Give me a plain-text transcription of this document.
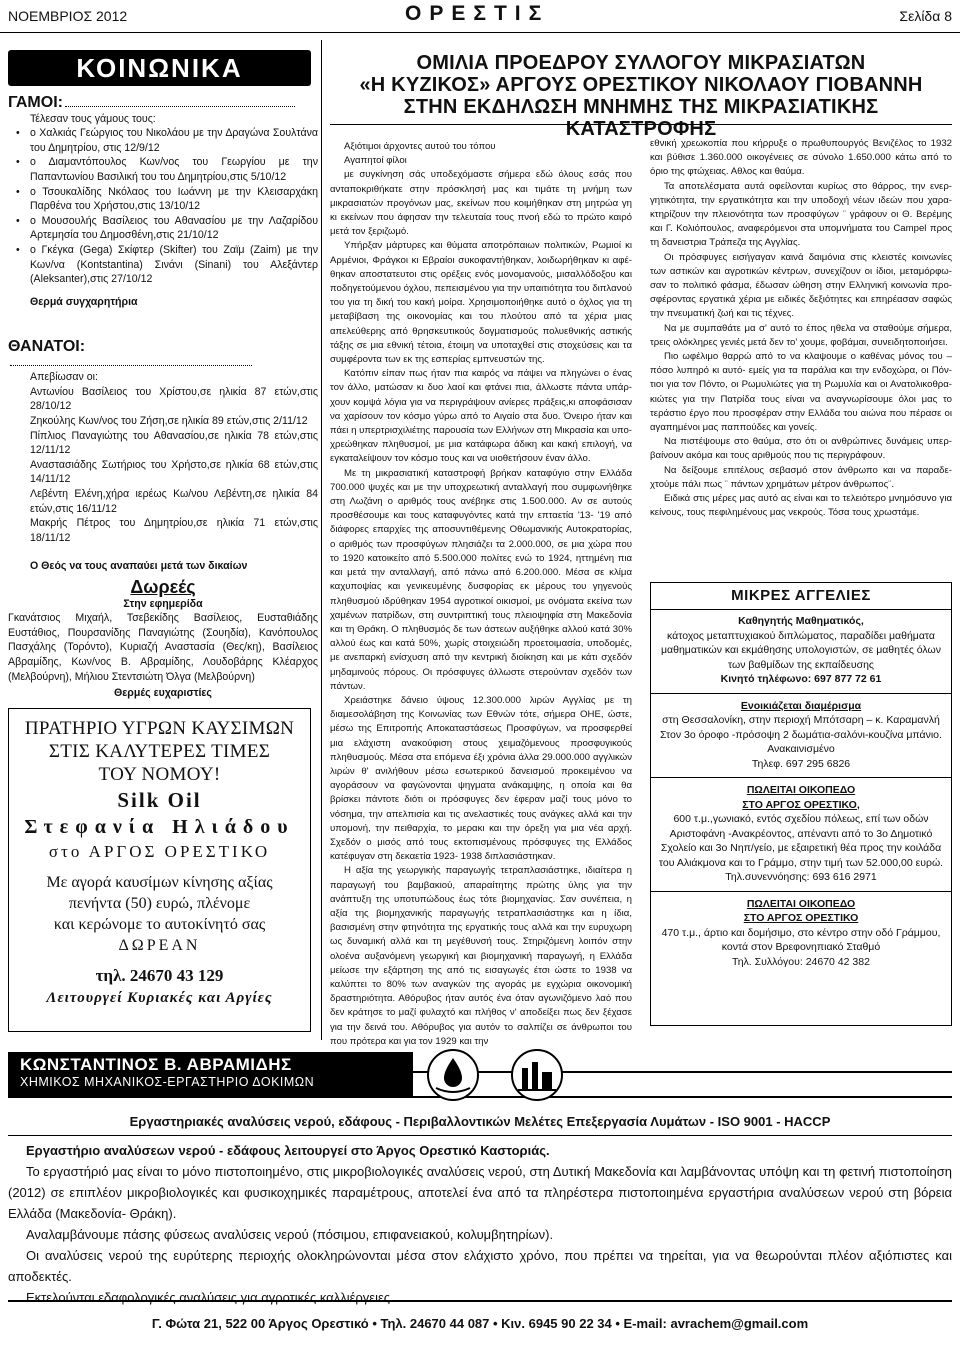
ΝΟΕΜΒΡΙΟΣ 2012	ΟΡΕΣΤΙΣ	Σελίδα 8
ΚΟΙΝΩΝΙΚΑ
ΓΑΜΟΙ:
Τέλεσαν τους γάμους τους:
• ο Χαλκιάς Γεώργιος του Νικολάου με την Δραγώνα Σουλτάνα του Δημητρίου, στις 12/9/12
• ο Διαμαντόπουλος Κων/νος του Γεωργίου με την Παπαντωνίου Βασιλική του του Δημητρίου,στις 5/10/12
• ο Τσουκαλίδης Νκόλαος του Ιωάννη με την Κλεισαρχάκη Παρθένα του Χρήστου,στις 13/10/12
• ο Μουσουλής Βασίλειος του Αθανασίου με την Λαζαρίδου Αρτεμησία του Δημοσθένη,στις 21/10/12
• ο Γκέγκα (Gega) Σκίφτερ (Skifter) του Ζαϊμ (Zaim) με την Κων/να (Kontstantina) Σινάνι (Sinani) του Αλεξάντερ (Aleksanter),στις 27/10/12
Θερμά συγχαρητήρια
ΘΑΝΑΤΟΙ:
Απεβίωσαν οι:
Αντωνίου Βασίλειος του Χρίστου,σε ηλικία 87 ετών,στις 28/10/12
Ζηκούλης Κων/νος του Ζήση,σε ηλικία 89 ετών,στις 2/11/12
Πίπλιος Παναγιώτης του Αθανασίου,σε ηλικία 78 ετών,στις 12/11/12
Αναστασιάδης Σωτήριος του Χρήστο,σε ηλικία 68 ετών,στις 14/11/12
Λεβέντη Ελένη,χήρα ιερέως Κω/νου Λεβέντη,σε ηλικία 84 ετών,στις 16/11/12
Μακρής Πέτρος του Δημητρίου,σε ηλικία 71 ετών,στις 18/11/12
Ο Θεός να τους αναπαύει μετά των δικαίων
Δωρεές
Στην εφημερίδα
Γκανάτσιος Μιχαήλ, Τσεβεκίδης Βασίλειος, Ευσταθιάδης Ευστάθιος, Πουρσανίδης Παναγιώτης (Σουηδία), Κανόπουλος Πασχάλης (Τορόντο), Κυριαζή Αναστασία (Θες/κη), Βασίλειος Αβραμίδης, Κων/νος Β. Αβραμίδης, Λουδοβάρης Κλέαρχος (Μελβούρνη), Μήλιου Στεντσιώτη Όλγα (Μελβούρνη)
Θερμές ευχαριστίες
ΠΡΑΤΗΡΙΟ ΥΓΡΩΝ ΚΑΥΣΙΜΩΝ
ΣΤΙΣ ΚΑΛΥΤΕΡΕΣ ΤΙΜΕΣ
ΤΟΥ ΝΟΜΟΥ!
Silk Oil
Στεφανία Ηλιάδου
στο ΑΡΓΟΣ ΟΡΕΣΤΙΚΟ
Με αγορά καυσίμων κίνησης αξίας
πενήντα (50) ευρώ, πλένομε
και κερώνομε το αυτοκίνητό σας
ΔΩΡΕΑΝ
τηλ. 24670 43 129
Λειτουργεί Κυριακές και Αργίες
ΟΜΙΛΙΑ ΠΡΟΕΔΡΟΥ ΣΥΛΛΟΓΟΥ ΜΙΚΡΑΣΙΑΤΩΝ
«Η ΚΥΖΙΚΟΣ» ΑΡΓΟΥΣ ΟΡΕΣΤΙΚΟΥ ΝΙΚΟΛΑΟΥ ΓΙΟΒΑΝΝΗ
ΣΤΗΝ ΕΚΔΗΛΩΣΗ ΜΝΗΜΗΣ ΤΗΣ ΜΙΚΡΑΣΙΑΤΙΚΗΣ ΚΑΤΑΣΤΡΟΦΗΣ

Αξιότιμοι άρχοντες αυτού του τόπου

Αγαπητοί φίλοι

με συγκίνηση σάς υποδεχόμαστε σήμερα εδώ όλους εσάς που ανταποκριθήκατε στην πρόσκλησή μας και τιμάτε τη μνήμη των μικρασιατών προγόνων μας, εκείνων που κοιμήθηκαν στη μητρώα γη κι εκείνων που άφησαν την τελευταία τους πνοή εδώ το πρώτο καιρό μετά τον ξεριζωμό.

Υπήρξαν μάρτυρες και θύματα αποτρόπαιων πολιτικών, Ρωμιοί κι Αρμένιοι, Φράγκοι κι Εβραίοι συκοφαντήθηκαν, λοιδωρήθηκαν κι αφέθηκαν αποστατευτοι στις ορέξεις ενός μονομανούς, μισαλλόδοξου και ποδηγετούμενου όχλου, πεπεισμένου για την υπαιτιότητα του διπλανού του για τη δική του κακή μοίρα. Χρησιμοποιήθηκε αυτό ο όχλος για τη μεταβίβαση της οικονομίας και του πλούτου από τα χέρια μιας απελεύθερης από θρησκευτικούς δογματισμούς πολυεθνικής αστικής τάξης σε μια εθνική τέτοια, έτοιμη να υποταχθεί στις στοχεύσεις και τα συμφέροντα των εκ της εσπερίας εμπνευστών της.

Κατόπιν είπαν πως ήταν πια καιρός να πάψει να πληγώνει ο ένας τον άλλο, ματώσαν κι δυο λαοί και φτάνει πια, άλλωστε πάντα υπάρχουν κομψά λόγια για να περιγράψουν ανίερες πράξεις,κι αποφάσισαν να χαρίσουν τον κόσμο γύρω από το Αιγαίο στα δυο. Όνειρο ήταν και πάει η υπερτρισχιλιέτης παρουσία των Ελλήνων στη Μικρασία και υποχρεώθηκαν πληθυσμοί, με μια κατάφωρα άδικη και κακή επιλογή, να εγκαταλείψουν τον κόσμο τους και να υιοθετήσουν έναν άλλο.

Με τη μικρασιατική καταστροφή βρήκαν καταφύγιο στην Ελλάδα 700.000 ψυχές και με την υποχρεωτική ανταλλαγή που συμφωνήθηκε στη Λωζάνη ο αριθμός τους ανέβηκε στις 1.500.000. Αν σε αυτούς προσθέσουμε και τους καταφυγόντες κατά την επταετία '13- '19 από διάφορες επαρχίες της αποσυντιθέμενης Οθωμανικής Αυτοκρατορίας, ο αριθμός των προσφύγων πλησιάζει τα 2.000.000, σε μια χώρα που το 1920 κατοικείτο από 5.500.000 πολίτες ενώ το 1924, ηττημένη πια και μετά την ανταλλαγή, από πάνω από 6.200.000. Μέσα σε κλίμα καχυποψίας και γενικευμένης δυσφορίας εκ μέρους του γηγενούς πληθυσμού ιδρύθηκαν 1954 αγροτικοί οικισμοί, με ονόματα εκείνα των χαμένων πατρίδων, στη συντριπτική τους πλειοψηφία στη Μακεδονία και τη Θράκη. Ο πληθυσμός δε των άστεων αυξήθηκε αλλού κατά 30% αλλού έως και κατά 50%, χωρίς στοιχειώδη προετοιμασία, υποδομές, με ανεπαρκή ενίσχυση από την κεντρική διοίκηση και με κάτι σχεδόν μηδαμινούς πόρους. Οι πρόσφυγες άλλωστε στερούνταν σχεδόν των πάντων.

Χρειάστηκε δάνειο ύψους 12.300.000 λιρών Αγγλίας με τη διαμεσολάβηση της Κοινωνίας των Εθνών τότε, σήμερα ΟΗΕ, ώστε, μέσω της Επιτροπής Αποκαταστάσεως Προσφύγων, να προσφερθεί μια ελάχιστη ανακούφιση στους χειμαζόμενους προσφυγικούς πληθυσμούς. Μέσα στα επόμενα έξι χρόνια άλλα 29.000.000 αγγλικών λιρών θ' ανιλήθουν μέσω εσωτερικού δανεισμού προκειμένου να αγοράσουν να φαγώνονται ψηγματα ανάκαμψης, η οποία και θα βρίσκει πάντοτε διότι οι πρόσφυγες δεν έφεραν μαζί τους μόνο το νόσημα, την απελπισία και τις ανελαστικές τους ανάγκες αλλά και την υπομονή, την πειθαρχία, το μερακι και την όρεξη για μια νέα αρχή. Σχεδόν ο μισός από τους εκτοπισμένους πρόσφυγες της Ελλάδος κατέφυγαν στη δεκαετία 1923- 1938 διπλασιάστηκαν.

Η αξία της γεωργικής παραγωγής τετραπλασιάστηκε, ιδιαίτερα η παραγωγή του βαμβακιού, απαραίτητης πρώτης ύλης για την ανάπτυξη της υποτυπώδους έως τότε βιομηχανίας. Σαν συνέπεια, η αξία της βιομηχανικής παραγωγής τετραπλασιάστηκε και η ίδια, βασισμένη στην φτηνότητα της εργατικής τους αλλά και την ευρυχωρη ως δυναμική αλλά και τη μεγέθυνσή τους. Στηριζόμενη λοιπόν στην ολοένα αυξανόμενη γεωργική και βιομηχανική παραγωγή, η Ελλάδα μείωσε την εξάρτηση της από τις εισαγωγές έτσι ώστε το 1938 να καλύπτει το 80% των αναγκών της αγοράς με εγχώρια οικονομική δραστηριότητα. Αθόρυβος ήταν αυτός ένα όταν αγωνιζόμενο λαό που δεν κράτησε το μαζί φυλαχτό και πλήθος ν' αποδείξει πως δεν ξέχασε για την δεινά του. Αθόρυβος για αυτόν το σαλπίζει σε άνθρωποι του που πρότερα και για τον 1929 και την

εθνική χρεωκοπία που κήρρυξε ο πρωθυπουργός Βενιζέλος το 1932 και βύθισε 1.360.000 οικογένειες σε σύνολο 1.650.000 κάτω από το όριο της φτώχειας. Αθλος και θαύμα.

Τα αποτελέσματα αυτά οφείλονται κυρίως στο θάρρος, την ενεργητικότητα, την εργατικότητα και την υποδοχή νέων ιδεών που χαρακτηρίζουν την πλειονότητα των προσφύγων ¨ γράφουν οι Θ. Βερέμης και Γ. Κολιόπουλος, αναφερόμενοι στα υπομνήματα του Campel προς τη δανειστρια Τράπεζα της Αγγλίας.

Οι πρόσφυγες εισήγαγαν καινά δαιμόνια στις κλειστές κοινωνίες των αστικών και αγροτικών κέντρων, συνεχίζουν οι ίδιοι, μεταμόρφωσαν το πολιτικό φάσμα, έδωσαν ώθηση στην Ελληνική κοινωνία προσφέροντας εργατικά χέρια με ειδικές δεξιότητες και επηρέασαν σαφώς την πνευματική ζωή και τις τέχνες.

Να με συμπαθάτε μα σ' αυτό το έπος ηθελα να σταθούμε σήμερα, τρεις ολόκληρες γενιές μετά δεν το' χουμε, φοβάμαι, συνειδητοποιήσει.

Πιο ωφέλιμο θαρρώ από το να κλαψουμε ο καθένας μόνος του – πόσο λυπηρό κι αυτό- εμείς για τα παράλια και την ενδοχώρα, οι Πόντιοι για τον Πόντο, οι Ρωμυλιώτες για τη Ρωμυλία και οι Ανατολικοθρακιώτες για την Πατρίδα τους είναι να αναγνωρίσουμε όλοι μας το τεράστιο έργο που προσφέραν στην Ελλάδα του αιώνα που πέρασε οι αγαπημένοι μας παππούδες και γονείς.

Να πιστέψουμε στο θαύμα, στο ότι οι ανθρώπινες δυνάμεις υπερβαίνουν ακόμα και τους αριθμούς που τις περιγράφουν.

Να δείξουμε επιτέλους σεβασμό στον άνθρωπο και να παραδεχτούμε πάλι πως ¨ πάντων χρημάτων μέτρον άνθρωπος¨.

Ειδικά στις μέρες μας αυτό ας είναι και το τελειότερο μνημόσυνο για κείνους, τους πεφιλημένους μας νεκρούς. Τόσα τους χρωστάμε.

ΜΙΚΡΕΣ ΑΓΓΕΛΙΕΣ
Καθηγητής Μαθηματικός,
κάτοχος μεταπτυχιακού διπλώματος, παραδίδει μαθήματα μαθηματικών και εκμάθησης υπολογιστών, σε μαθητές όλων των βαθμίδων της εκπαίδευσης
Κινητό τηλέφωνο: 697 877 72 61
Ενοικιάζεται διαμέρισμα
στη Θεσσαλονίκη, στην περιοχή Μπότσαρη – κ. Καραμανλή Στον 3ο όροφο -πρόσοψη 2 δωμάτια-σαλόνι-κουζίνα μπάνιο. Ανακαινισμένο
Τηλεφ. 697 295 6826
ΠΩΛΕΙΤΑΙ ΟΙΚΟΠΕΔΟ
ΣΤΟ ΑΡΓΟΣ ΟΡΕΣΤΙΚΟ,
600 τ.μ.,γωνιακό, εντός σχεδίου πόλεως, επί των οδών Αριστοφάνη -Ανακρέοντος, απέναντι από το 3ο Δημοτικό Σχολείο και 3ο Νηπ/γείο, με εξαιρετική θέα προς την κοιλάδα του Αλιάκμονα και το Γράμμο, στην τιμή των 52.000,00 ευρώ.
Τηλ.συνεννόησης: 693 616 2971
ΠΩΛΕΙΤΑΙ ΟΙΚΟΠΕΔΟ
ΣΤΟ ΑΡΓΟΣ ΟΡΕΣΤΙΚΟ
470 τ.μ., άρτιο και δομήσιμο, στο κέντρο στην οδό Γράμμου, κοντά στον Βρεφονηπιακό Σταθμό
Τηλ. Συλλόγου: 24670 42 382
ΚΩΝΣΤΑΝΤΙΝΟΣ Β. ΑΒΡΑΜΙΔΗΣ
ΧΗΜΙΚΟΣ ΜΗΧΑΝΙΚΟΣ-ΕΡΓΑΣΤΗΡΙΟ ΔΟΚΙΜΩΝ
Εργαστηριακές αναλύσεις νερού, εδάφους - Περιβαλλοντικών Μελέτες Επεξεργασία Λυμάτων - ISO 9001 - HACCP

Εργαστήριο αναλύσεων νερού - εδάφους λειτουργεί στο Άργος Ορεστικό Καστοριάς.

Το εργαστήριό μας είναι το μόνο πιστοποιημένο, στις μικροβιολογικές αναλύσεις νερού, στη Δυτική Μακεδονία και λαμβάνοντας υπόψη και τη φετινή πιστοποίηση (2012) σε επιπλέον μικροβιολογικές και φυσικοχημικές παραμέτρους, αποτελεί ένα από τα πληρέστερα πιστοποιημένα εργαστήρια αναλύσεων νερού στη βόρεια Ελλάδα (Μακεδονία- Θράκη).

Αναλαμβάνουμε πάσης φύσεως αναλύσεις νερού (πόσιμου, επιφανειακού, κολυμβητηρίων).

Οι αναλύσεις νερού της ευρύτερης περιοχής ολοκληρώνονται μέσα στον ελάχιστο χρόνο, που πρέπει να τηρείται, για να θεωρούνται πλέον αξιόπιστες και αποδεκτές.

Εκτελούνται εδαφολογικές αναλύσεις για αγροτικές καλλιέργειες.

Γ. Φώτα 21, 522 00 Άργος Ορεστικό • Τηλ. 24670 44 087 • Κιν. 6945 90 22 34 • E-mail: avrachem@gmail.com
